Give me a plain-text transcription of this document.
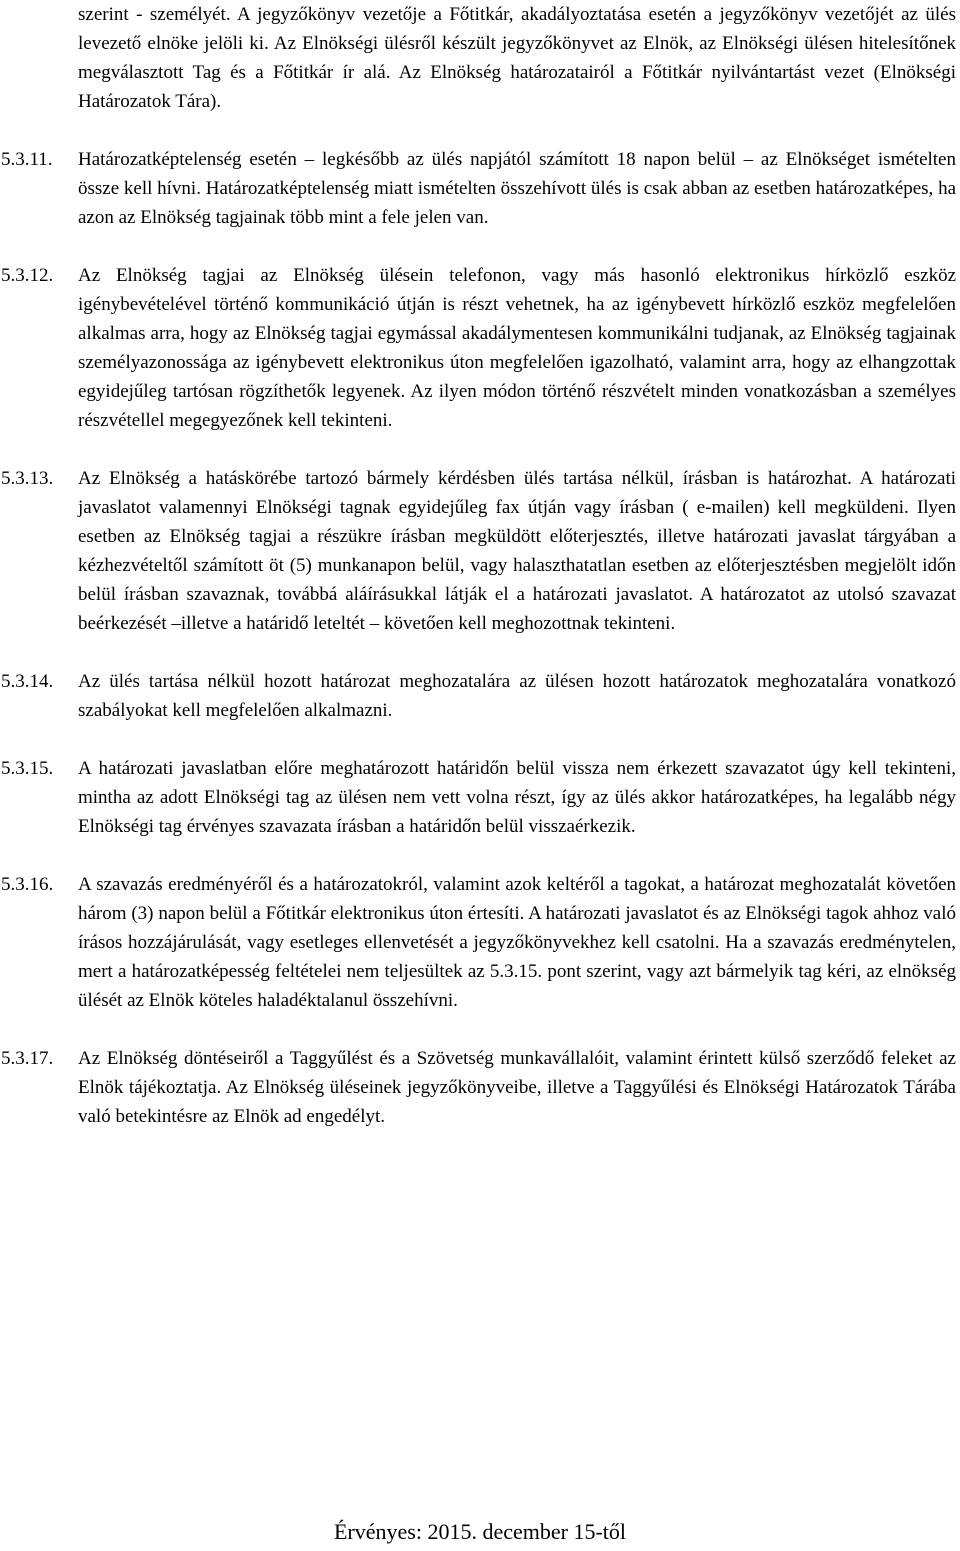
szerint - személyét. A jegyzőkönyv vezetője a Főtitkár, akadályoztatása esetén a jegyzőkönyv vezetőjét az ülés levezető elnöke jelöli ki. Az Elnökségi ülésről készült jegyzőkönyvet az Elnök, az Elnökségi ülésen hitelesítőnek megválasztott Tag és a Főtitkár ír alá. Az Elnökség határozatairól a Főtitkár nyilvántartást vezet (Elnökségi Határozatok Tára).

5.3.11. Határozatképtelenség esetén – legkésőbb az ülés napjától számított 18 napon belül – az Elnökséget ismételten össze kell hívni. Határozatképtelenség miatt ismételten összehívott ülés is csak abban az esetben határozatképes, ha azon az Elnökség tagjainak több mint a fele jelen van.
5.3.12. Az Elnökség tagjai az Elnökség ülésein telefonon, vagy más hasonló elektronikus hírközlő eszköz igénybevételével történő kommunikáció útján is részt vehetnek, ha az igénybevett hírközlő eszköz megfelelően alkalmas arra, hogy az Elnökség tagjai egymással akadálymentesen kommunikálni tudjanak, az Elnökség tagjainak személyazonossága az igénybevett elektronikus úton megfelelően igazolható, valamint arra, hogy az elhangzottak egyidejűleg tartósan rögzíthetők legyenek. Az ilyen módon történő részvételt minden vonatkozásban a személyes részvétellel megegyezőnek kell tekinteni.
5.3.13. Az Elnökség a hatáskörébe tartozó bármely kérdésben ülés tartása nélkül, írásban is határozhat. A határozati javaslatot valamennyi Elnökségi tagnak egyidejűleg fax útján vagy írásban ( e-mailen) kell megküldeni. Ilyen esetben az Elnökség tagjai a részükre írásban megküldött előterjesztés, illetve határozati javaslat tárgyában a kézhezvételtől számított öt (5) munkanapon belül, vagy halaszthatatlan esetben az előterjesztésben megjelölt időn belül írásban szavaznak, továbbá aláírásukkal látják el a határozati javaslatot. A határozatot az utolsó szavazat beérkezését –illetve a határidő leteltét – követően kell meghozottnak tekinteni.
5.3.14. Az ülés tartása nélkül hozott határozat meghozatalára az ülésen hozott határozatok meghozatalára vonatkozó szabályokat kell megfelelően alkalmazni.
5.3.15. A határozati javaslatban előre meghatározott határidőn belül vissza nem érkezett szavazatot úgy kell tekinteni, mintha az adott Elnökségi tag az ülésen nem vett volna részt, így az ülés akkor határozatképes, ha legalább négy Elnökségi tag érvényes szavazata írásban a határidőn belül visszaérkezik.
5.3.16. A szavazás eredményéről és a határozatokról, valamint azok keltéről a tagokat, a határozat meghozatalát követően három (3) napon belül a Főtitkár elektronikus úton értesíti. A határozati javaslatot és az Elnökségi tagok ahhoz való írásos hozzájárulását, vagy esetleges ellenvetését a jegyzőkönyvekhez kell csatolni. Ha a szavazás eredménytelen, mert a határozatképesség feltételei nem teljesültek az 5.3.15. pont szerint, vagy azt bármelyik tag kéri, az elnökség ülését az Elnök köteles haladéktalanul összehívni.
5.3.17. Az Elnökség döntéseiről a Taggyűlést és a Szövetség munkavállalóit, valamint érintett külső szerződő feleket az Elnök tájékoztatja. Az Elnökség üléseinek jegyzőkönyveibe, illetve a Taggyűlési és Elnökségi Határozatok Tárába való betekintésre az Elnök ad engedélyt.
Érvényes: 2015. december 15-től
